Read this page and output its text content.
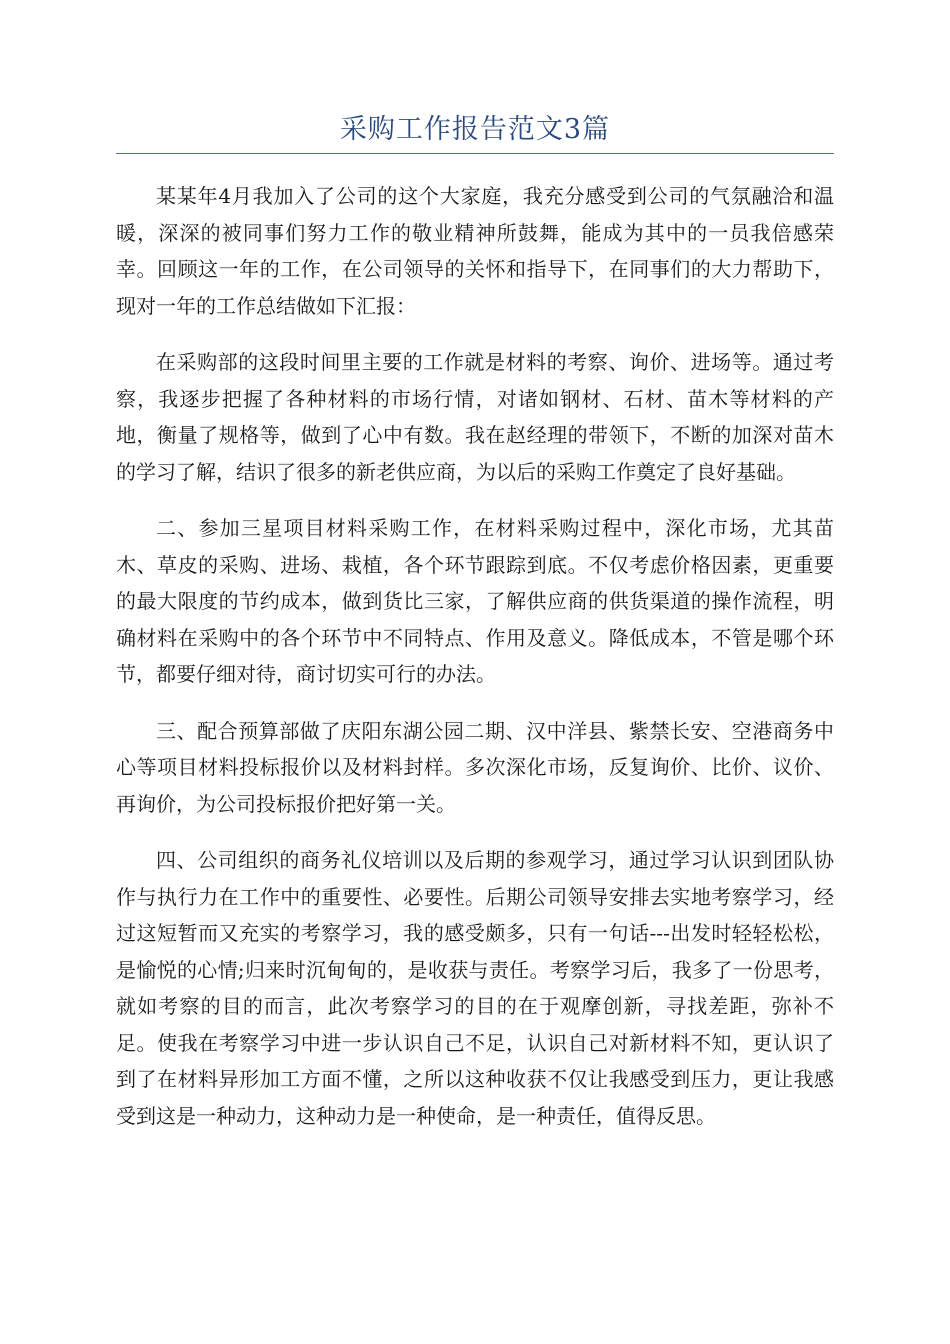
采购工作报告范文3篇

某某年4月我加入了公司的这个大家庭，我充分感受到公司的气氛融洽和温暖，深深的被同事们努力工作的敬业精神所鼓舞，能成为其中的一员我倍感荣幸。回顾这一年的工作，在公司领导的关怀和指导下，在同事们的大力帮助下，现对一年的工作总结做如下汇报：

在采购部的这段时间里主要的工作就是材料的考察、询价、进场等。通过考察，我逐步把握了各种材料的市场行情，对诸如钢材、石材、苗木等材料的产地，衡量了规格等，做到了心中有数。我在赵经理的带领下，不断的加深对苗木的学习了解，结识了很多的新老供应商，为以后的采购工作奠定了良好基础。

二、参加三星项目材料采购工作，在材料采购过程中，深化市场，尤其苗木、草皮的采购、进场、栽植，各个环节跟踪到底。不仅考虑价格因素，更重要的最大限度的节约成本，做到货比三家，了解供应商的供货渠道的操作流程，明确材料在采购中的各个环节中不同特点、作用及意义。降低成本，不管是哪个环节，都要仔细对待，商讨切实可行的办法。

三、配合预算部做了庆阳东湖公园二期、汉中洋县、紫禁长安、空港商务中心等项目材料投标报价以及材料封样。多次深化市场，反复询价、比价、议价、再询价，为公司投标报价把好第一关。

四、公司组织的商务礼仪培训以及后期的参观学习，通过学习认识到团队协作与执行力在工作中的重要性、必要性。后期公司领导安排去实地考察学习，经过这短暂而又充实的考察学习，我的感受颇多，只有一句话---出发时轻轻松松，是愉悦的心情;归来时沉甸甸的，是收获与责任。考察学习后，我多了一份思考，就如考察的目的而言，此次考察学习的目的在于观摩创新，寻找差距，弥补不足。使我在考察学习中进一步认识自己不足，认识自己对新材料不知，更认识了到了在材料异形加工方面不懂，之所以这种收获不仅让我感受到压力，更让我感受到这是一种动力，这种动力是一种使命，是一种责任，值得反思。
